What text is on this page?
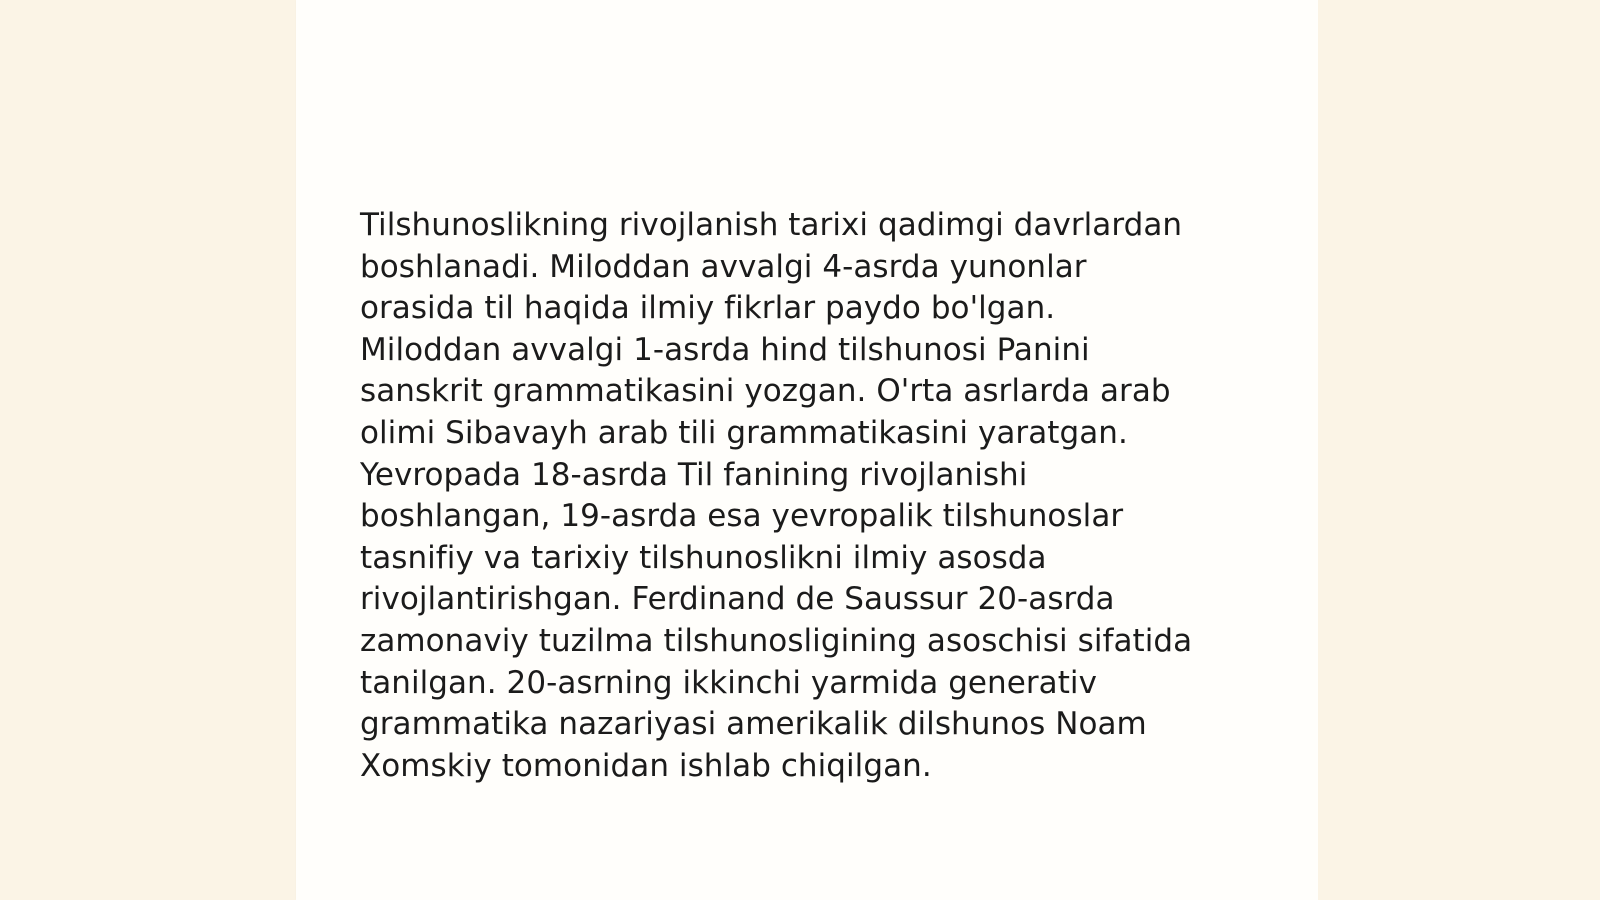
Tilshunoslikning rivojlanish tarixi qadimgi davrlardan
boshlanadi. Miloddan avvalgi 4-asrda yunonlar
orasida til haqida ilmiy fikrlar paydo bo'lgan.
Miloddan avvalgi 1-asrda hind tilshunosi Panini
sanskrit grammatikasini yozgan. O'rta asrlarda arab
olimi Sibavayh arab tili grammatikasini yaratgan.
Yevropada 18-asrda Til fanining rivojlanishi
boshlangan, 19-asrda esa yevropalik tilshunoslar
tasnifiy va tarixiy tilshunoslikni ilmiy asosda
rivojlantirishgan. Ferdinand de Saussur 20-asrda
zamonaviy tuzilma tilshunosligining asoschisi sifatida
tanilgan. 20-asrning ikkinchi yarmida generativ
grammatika nazariyasi amerikalik dilshunos Noam
Xomskiy tomonidan ishlab chiqilgan.
